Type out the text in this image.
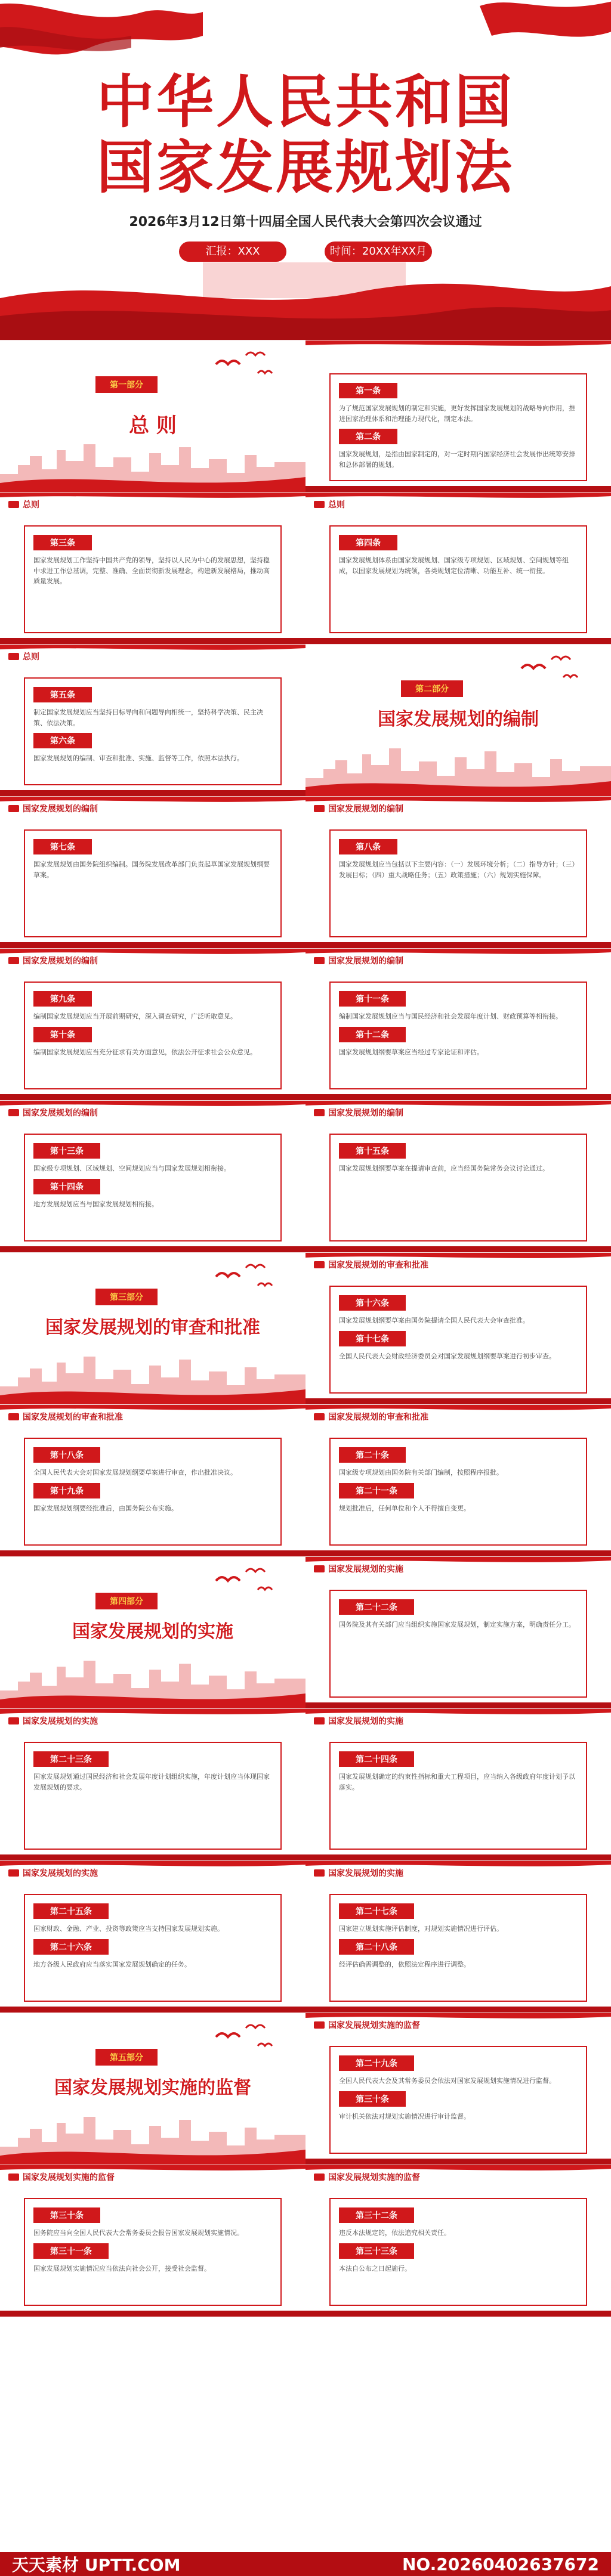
中华人民共和国
国家发展规划法
2026年3月12日第十四届全国人民代表大会第四次会议通过
汇报：XXX	时间：20XX年XX月
第一部分
总 则
第一条
为了规范国家发展规划的制定和实施，更好发挥国家发展规划的战略导向作用，推进国家治理体系和治理能力现代化，制定本法。
第二条
国家发展规划，是指由国家制定的，对一定时期内国家经济社会发展作出统筹安排和总体部署的规划。
总则
第三条
国家发展规划工作坚持中国共产党的领导，坚持以人民为中心的发展思想，坚持稳中求进工作总基调，完整、准确、全面贯彻新发展理念，构建新发展格局，推动高质量发展。
总则
第四条
国家发展规划体系由国家发展规划、国家级专项规划、区域规划、空间规划等组成，以国家发展规划为统领，各类规划定位清晰、功能互补、统一衔接。
总则
第五条
制定国家发展规划应当坚持目标导向和问题导向相统一，坚持科学决策、民主决策、依法决策。
第六条
国家发展规划的编制、审查和批准、实施、监督等工作，依照本法执行。
第二部分
国家发展规划的编制
国家发展规划的编制
第七条
国家发展规划由国务院组织编制。国务院发展改革部门负责起草国家发展规划纲要草案。
国家发展规划的编制
第八条
国家发展规划应当包括以下主要内容：（一）发展环境分析；（二）指导方针；（三）发展目标；（四）重大战略任务；（五）政策措施；（六）规划实施保障。
国家发展规划的编制
第九条
编制国家发展规划应当开展前期研究，深入调查研究，广泛听取意见。
第十条
编制国家发展规划应当充分征求有关方面意见，依法公开征求社会公众意见。
国家发展规划的编制
第十一条
编制国家发展规划应当与国民经济和社会发展年度计划、财政预算等相衔接。
第十二条
国家发展规划纲要草案应当经过专家论证和评估。
国家发展规划的编制
第十三条
国家级专项规划、区域规划、空间规划应当与国家发展规划相衔接。
第十四条
地方发展规划应当与国家发展规划相衔接。
国家发展规划的编制
第十五条
国家发展规划纲要草案在提请审查前，应当经国务院常务会议讨论通过。
第三部分
国家发展规划的审查和批准
国家发展规划的审查和批准
第十六条
国家发展规划纲要草案由国务院提请全国人民代表大会审查批准。
第十七条
全国人民代表大会财政经济委员会对国家发展规划纲要草案进行初步审查。
国家发展规划的审查和批准
第十八条
全国人民代表大会对国家发展规划纲要草案进行审查，作出批准决议。
第十九条
国家发展规划纲要经批准后，由国务院公布实施。
国家发展规划的审查和批准
第二十条
国家级专项规划由国务院有关部门编制，按照程序报批。
第二十一条
规划批准后，任何单位和个人不得擅自变更。
第四部分
国家发展规划的实施
国家发展规划的实施
第二十二条
国务院及其有关部门应当组织实施国家发展规划，制定实施方案，明确责任分工。
国家发展规划的实施
第二十三条
国家发展规划通过国民经济和社会发展年度计划组织实施，年度计划应当体现国家发展规划的要求。
国家发展规划的实施
第二十四条
国家发展规划确定的约束性指标和重大工程项目，应当纳入各级政府年度计划予以落实。
国家发展规划的实施
第二十五条
国家财政、金融、产业、投资等政策应当支持国家发展规划实施。
第二十六条
地方各级人民政府应当落实国家发展规划确定的任务。
国家发展规划的实施
第二十七条
国家建立规划实施评估制度，对规划实施情况进行评估。
第二十八条
经评估确需调整的，依照法定程序进行调整。
第五部分
国家发展规划实施的监督
国家发展规划实施的监督
第二十九条
全国人民代表大会及其常务委员会依法对国家发展规划实施情况进行监督。
第三十条
审计机关依法对规划实施情况进行审计监督。
国家发展规划实施的监督
第三十条
国务院应当向全国人民代表大会常务委员会报告国家发展规划实施情况。
第三十一条
国家发展规划实施情况应当依法向社会公开，接受社会监督。
国家发展规划实施的监督
第三十二条
违反本法规定的，依法追究相关责任。
第三十三条
本法自公布之日起施行。
天天素材 UPTT.COM	NO.20260402637672
